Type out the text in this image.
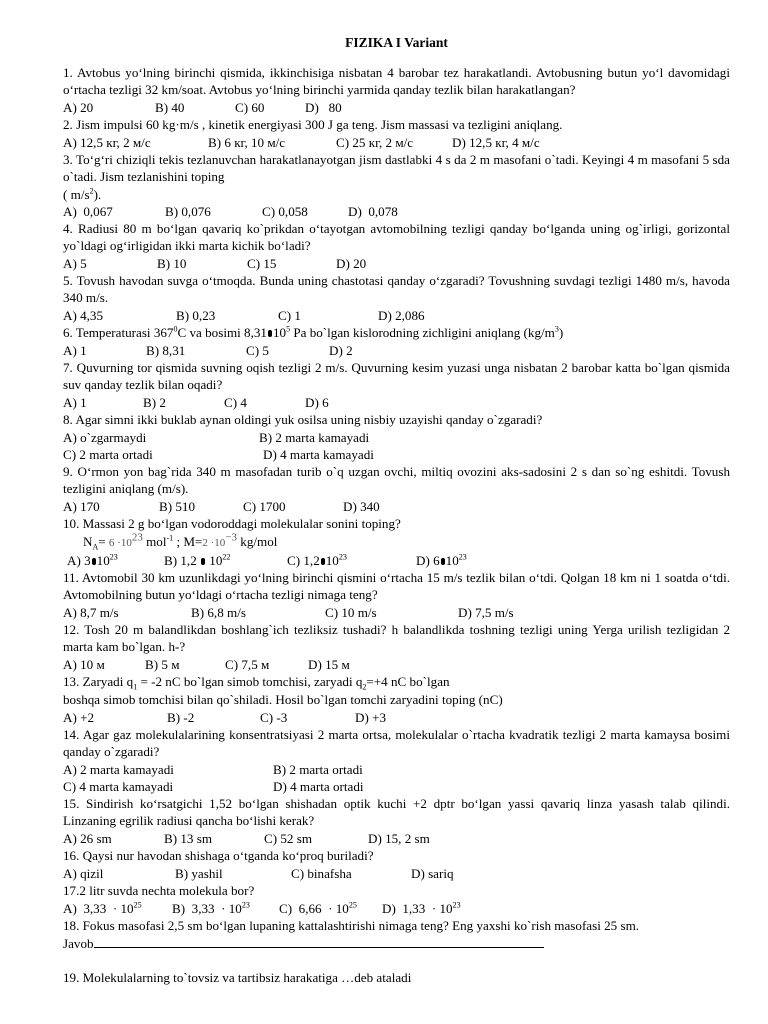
FIZIKA I Variant
1. Avtobus yo‘lning birinchi qismida, ikkinchisiga nisbatan 4 barobar tez harakatlandi. Avtobusning butun yo‘l davomidagi o‘rtacha tezligi 32 km/soat. Avtobus yo‘lning birinchi yarmida qanday tezlik bilan harakatlangan?
A) 20	B) 40	C) 60	D)   80
2. Jism impulsi 60 kg·m/s , kinetik energiyasi 300 J ga teng. Jism massasi va tezligini aniqlang.
A) 12,5 кг, 2 м/с	B) 6 кг, 10 м/с	C) 25 кг, 2 м/с	D) 12,5 кг, 4 м/с
3. To‘g‘ri chiziqli tekis tezlanuvchan harakatlanayotgan jism dastlabki 4 s da 2 m masofani o`tadi. Keyingi 4 m masofani 5 sda o`tadi. Jism tezlanishini toping
( $m/s^2$).
A)  0,067	B) 0,076	C) 0,058	D)  0,078
4. Radiusi 80 m bo‘lgan qavariq ko`prikdan o‘tayotgan avtomobilning tezligi qanday bo‘lganda uning og`irligi, gorizontal yo`ldagi og‘irligidan ikki marta kichik bo‘ladi?
A) 5	B) 10	C) 15	D) 20
5. Tovush havodan suvga o‘tmoqda. Bunda uning chastotasi qanday o‘zgaradi? Tovushning suvdagi tezligi 1480 m/s, havoda 340 m/s.
A) 4,35	B) 0,23	C) 1	D) 2,086
6. Temperaturasi $367^0C$ va bosimi 8,31 $10^5$ Pa bo`lgan kislorodning zichligini aniqlang $(kg/m^3)$
A) 1	B) 8,31	C) 5	D) 2
7. Quvurning tor qismida suvning oqish tezligi 2 m/s. Quvurning kesim yuzasi unga nisbatan 2 barobar katta bo`lgan qismida suv qanday tezlik bilan oqadi?
A) 1	B) 2	C) 4	D) 6
8. Agar simni ikki buklab aynan oldingi yuk osilsa uning nisbiy uzayishi qanday o`zgaradi?
A) o`zgarmaydi	B) 2 marta kamayadi
C) 2 marta ortadi	D) 4 marta kamayadi
9. O‘rmon yon bag`rida 340 m masofadan turib o`q uzgan ovchi, miltiq ovozini aks-sadosini 2 s dan so`ng eshitdi. Tovush tezligini aniqlang (m/s).
A) 170	B) 510	C) 1700	D) 340
10. Massasi 2 g bo‘lgan vodoroddagi molekulalar sonini toping?
$N_A= 6 \cdot 10^{23}$ mol$^{-1}$ ; $M=2 \cdot 10^{-3}$ kg/mol
A) 3 $10^{23}$	B) 1,2 $10^{22}$	C) 1,2 $10^{23}$	D) 6 $10^{23}$
11. Avtomobil 30 km uzunlikdagi yo‘lning birinchi qismini o‘rtacha 15 m/s tezlik bilan o‘tdi. Qolgan 18 km ni 1 soatda o‘tdi. Avtomobilning butun yo‘ldagi o‘rtacha tezligi nimaga teng?
A) 8,7 m/s	B) 6,8 m/s	C) 10 m/s	D) 7,5 m/s
12. Tosh 20 m balandlikdan boshlang`ich tezliksiz tushadi? h balandlikda toshning tezligi uning Yerga urilish tezligidan 2 marta kam bo`lgan. h-?
A) 10 м	B) 5 м	C) 7,5 м	D) 15 м
13. Zaryadi $q_1 = -2$ nC bo`lgan simob tomchisi, zaryadi $q_2=+4$ nC bo`lgan
boshqa simob tomchisi bilan qo`shiladi. Hosil bo`lgan tomchi zaryadini toping (nC)
A) +2	B) -2	C) -3	D) +3
14. Agar gaz molekulalarining konsentratsiyasi 2 marta ortsa, molekulalar o`rtacha kvadratik tezligi 2 marta kamaysa bosimi qanday o`zgaradi?
A) 2 marta kamayadi	B) 2 marta ortadi
C) 4 marta kamayadi	D) 4 marta ortadi
15. Sindirish ko‘rsatgichi 1,52 bo‘lgan shishadan optik kuchi +2 dptr bo‘lgan yassi qavariq linza yasash talab qilindi. Linzaning egrilik radiusi qancha bo‘lishi kerak?
A) 26 sm	B) 13 sm	C) 52 sm	D) 15, 2 sm
16. Qaysi nur havodan shishaga o‘tganda ko‘proq buriladi?
A) qizil	B) yashil	C) binafsha	D) sariq
17.2 litr suvda nechta molekula bor?
A)  $3,33 \cdot 10^{25}$	B)  $3,33 \cdot 10^{23}$	C)  $6,66 \cdot 10^{25}$	D)  $1,33 \cdot 10^{23}$
18. Fokus masofasi 2,5 sm bo‘lgan lupaning kattalashtirishi nimaga teng? Eng yaxshi ko`rish masofasi 25 sm.
Javob
19. Molekulalarning to`tovsiz va tartibsiz harakatiga …deb ataladi
